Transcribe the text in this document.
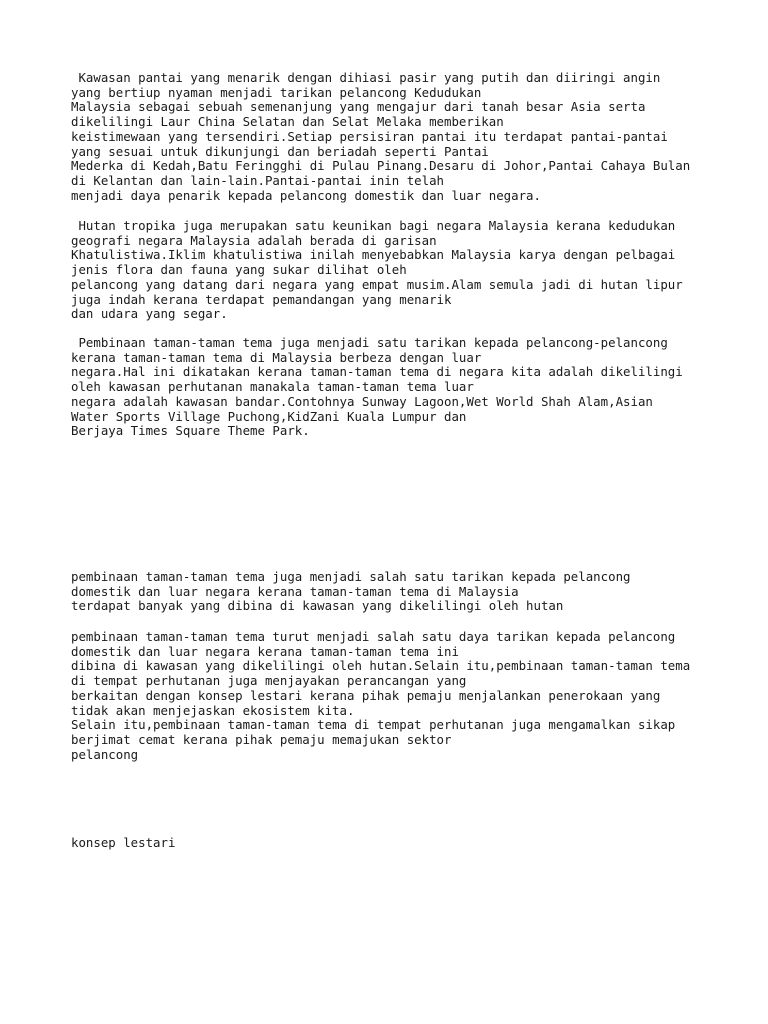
Kawasan pantai yang menarik dengan dihiasi pasir yang putih dan diiringi angin
yang bertiup nyaman menjadi tarikan pelancong Kedudukan
Malaysia sebagai sebuah semenanjung yang mengajur dari tanah besar Asia serta
dikelilingi Laur China Selatan dan Selat Melaka memberikan
keistimewaan yang tersendiri.Setiap persisiran pantai itu terdapat pantai-pantai
yang sesuai untuk dikunjungi dan beriadah seperti Pantai
Mederka di Kedah,Batu Feringghi di Pulau Pinang.Desaru di Johor,Pantai Cahaya Bulan
di Kelantan dan lain-lain.Pantai-pantai inin telah
menjadi daya penarik kepada pelancong domestik dan luar negara.

Hutan tropika juga merupakan satu keunikan bagi negara Malaysia kerana kedudukan
geografi negara Malaysia adalah berada di garisan
Khatulistiwa.Iklim khatulistiwa inilah menyebabkan Malaysia karya dengan pelbagai
jenis flora dan fauna yang sukar dilihat oleh
pelancong yang datang dari negara yang empat musim.Alam semula jadi di hutan lipur
juga indah kerana terdapat pemandangan yang menarik
dan udara yang segar.

Pembinaan taman-taman tema juga menjadi satu tarikan kepada pelancong-pelancong
kerana taman-taman tema di Malaysia berbeza dengan luar
negara.Hal ini dikatakan kerana taman-taman tema di negara kita adalah dikelilingi
oleh kawasan perhutanan manakala taman-taman tema luar
negara adalah kawasan bandar.Contohnya Sunway Lagoon,Wet World Shah Alam,Asian
Water Sports Village Puchong,KidZani Kuala Lumpur dan
Berjaya Times Square Theme Park.

pembinaan taman-taman tema juga menjadi salah satu tarikan kepada pelancong
domestik dan luar negara kerana taman-taman tema di Malaysia
terdapat banyak yang dibina di kawasan yang dikelilingi oleh hutan

pembinaan taman-taman tema turut menjadi salah satu daya tarikan kepada pelancong
domestik dan luar negara kerana taman-taman tema ini
dibina di kawasan yang dikelilingi oleh hutan.Selain itu,pembinaan taman-taman tema
di tempat perhutanan juga menjayakan perancangan yang
berkaitan dengan konsep lestari kerana pihak pemaju menjalankan penerokaan yang
tidak akan menjejaskan ekosistem kita.
Selain itu,pembinaan taman-taman tema di tempat perhutanan juga mengamalkan sikap
berjimat cemat kerana pihak pemaju memajukan sektor
pelancong

konsep lestari
